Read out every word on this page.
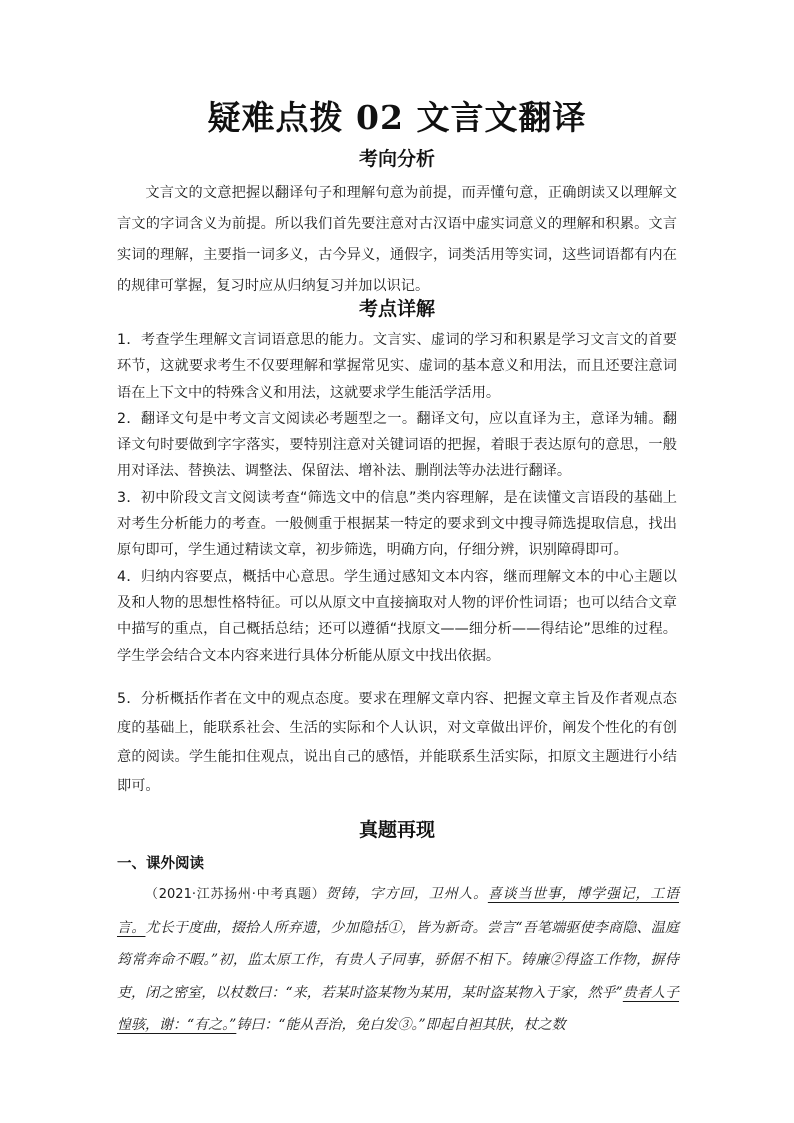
疑难点拨 02 文言文翻译
考向分析

文言文的文意把握以翻译句子和理解句意为前提，而弄懂句意，正确朗读又以理解文言文的字词含义为前提。所以我们首先要注意对古汉语中虚实词意义的理解和积累。文言实词的理解，主要指一词多义，古今异义，通假字，词类活用等实词，这些词语都有内在的规律可掌握，复习时应从归纳复习并加以识记。

考点详解

1．考查学生理解文言词语意思的能力。文言实、虚词的学习和积累是学习文言文的首要环节，这就要求考生不仅要理解和掌握常见实、虚词的基本意义和用法，而且还要注意词语在上下文中的特殊含义和用法，这就要求学生能活学活用。

2．翻译文句是中考文言文阅读必考题型之一。翻译文句，应以直译为主，意译为辅。翻译文句时要做到字字落实，要特别注意对关键词语的把握，着眼于表达原句的意思，一般用对译法、替换法、调整法、保留法、增补法、删削法等办法进行翻译。

3．初中阶段文言文阅读考查“筛选文中的信息”类内容理解，是在读懂文言语段的基础上对考生分析能力的考查。一般侧重于根据某一特定的要求到文中搜寻筛选提取信息，找出原句即可，学生通过精读文章，初步筛选，明确方向，仔细分辨，识别障碍即可。

4．归纳内容要点，概括中心意思。学生通过感知文本内容，继而理解文本的中心主题以及和人物的思想性格特征。可以从原文中直接摘取对人物的评价性词语；也可以结合文章中描写的重点，自己概括总结；还可以遵循“找原文——细分析——得结论”思维的过程。学生学会结合文本内容来进行具体分析能从原文中找出依据。

5．分析概括作者在文中的观点态度。要求在理解文章内容、把握文章主旨及作者观点态度的基础上，能联系社会、生活的实际和个人认识，对文章做出评价，阐发个性化的有创意的阅读。学生能扣住观点，说出自己的感悟，并能联系生活实际，扣原文主题进行小结即可。
真题再现
一、课外阅读
（2021·江苏扬州·中考真题）贺铸，字方回，卫州人。喜谈当世事，博学强记，工语言。尤长于度曲，掇拾人所弃遗，少加隐括①，皆为新奇。尝言“吾笔端驱使李商隐、温庭筠常奔命不暇。”初，监太原工作，有贵人子同事，骄倨不相下。铸廉②得盗工作物，摒侍吏，闭之密室，以杖数曰：“来，若某时盗某物为某用，某时盗某物入于家，然乎”贵者人子惶骇，谢：“有之。”铸曰：“能从吾治，免白发③。”即起自袒其肤，杖之数
